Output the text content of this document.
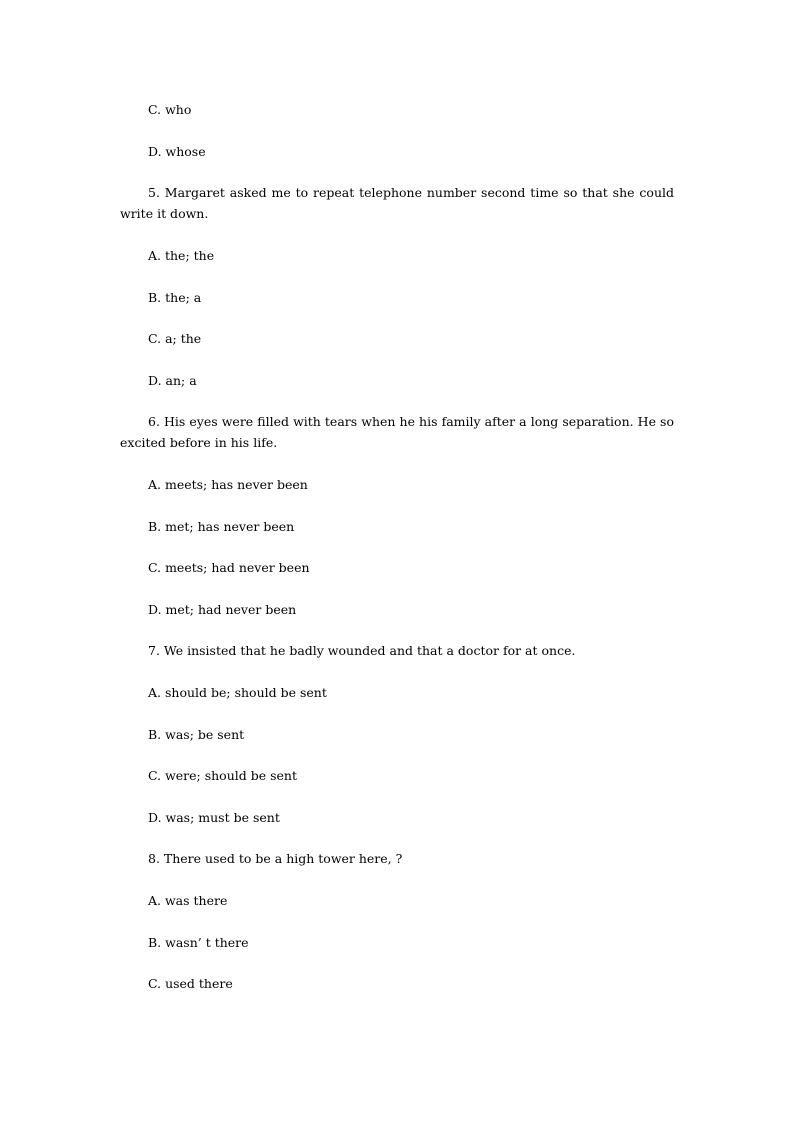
C. who

D. whose

5. Margaret asked me to repeat telephone number second time so that she could write it down.

A. the; the

B. the; a

C. a; the

D. an; a

6. His eyes were filled with tears when he his family after a long separation. He so excited before in his life.

A. meets; has never been

B. met; has never been

C. meets; had never been

D. met; had never been

7. We insisted that he badly wounded and that a doctor for at once.

A. should be; should be sent

B. was; be sent

C. were; should be sent

D. was; must be sent

8. There used to be a high tower here, ?

A. was there

B. wasn’ t there

C. used there
